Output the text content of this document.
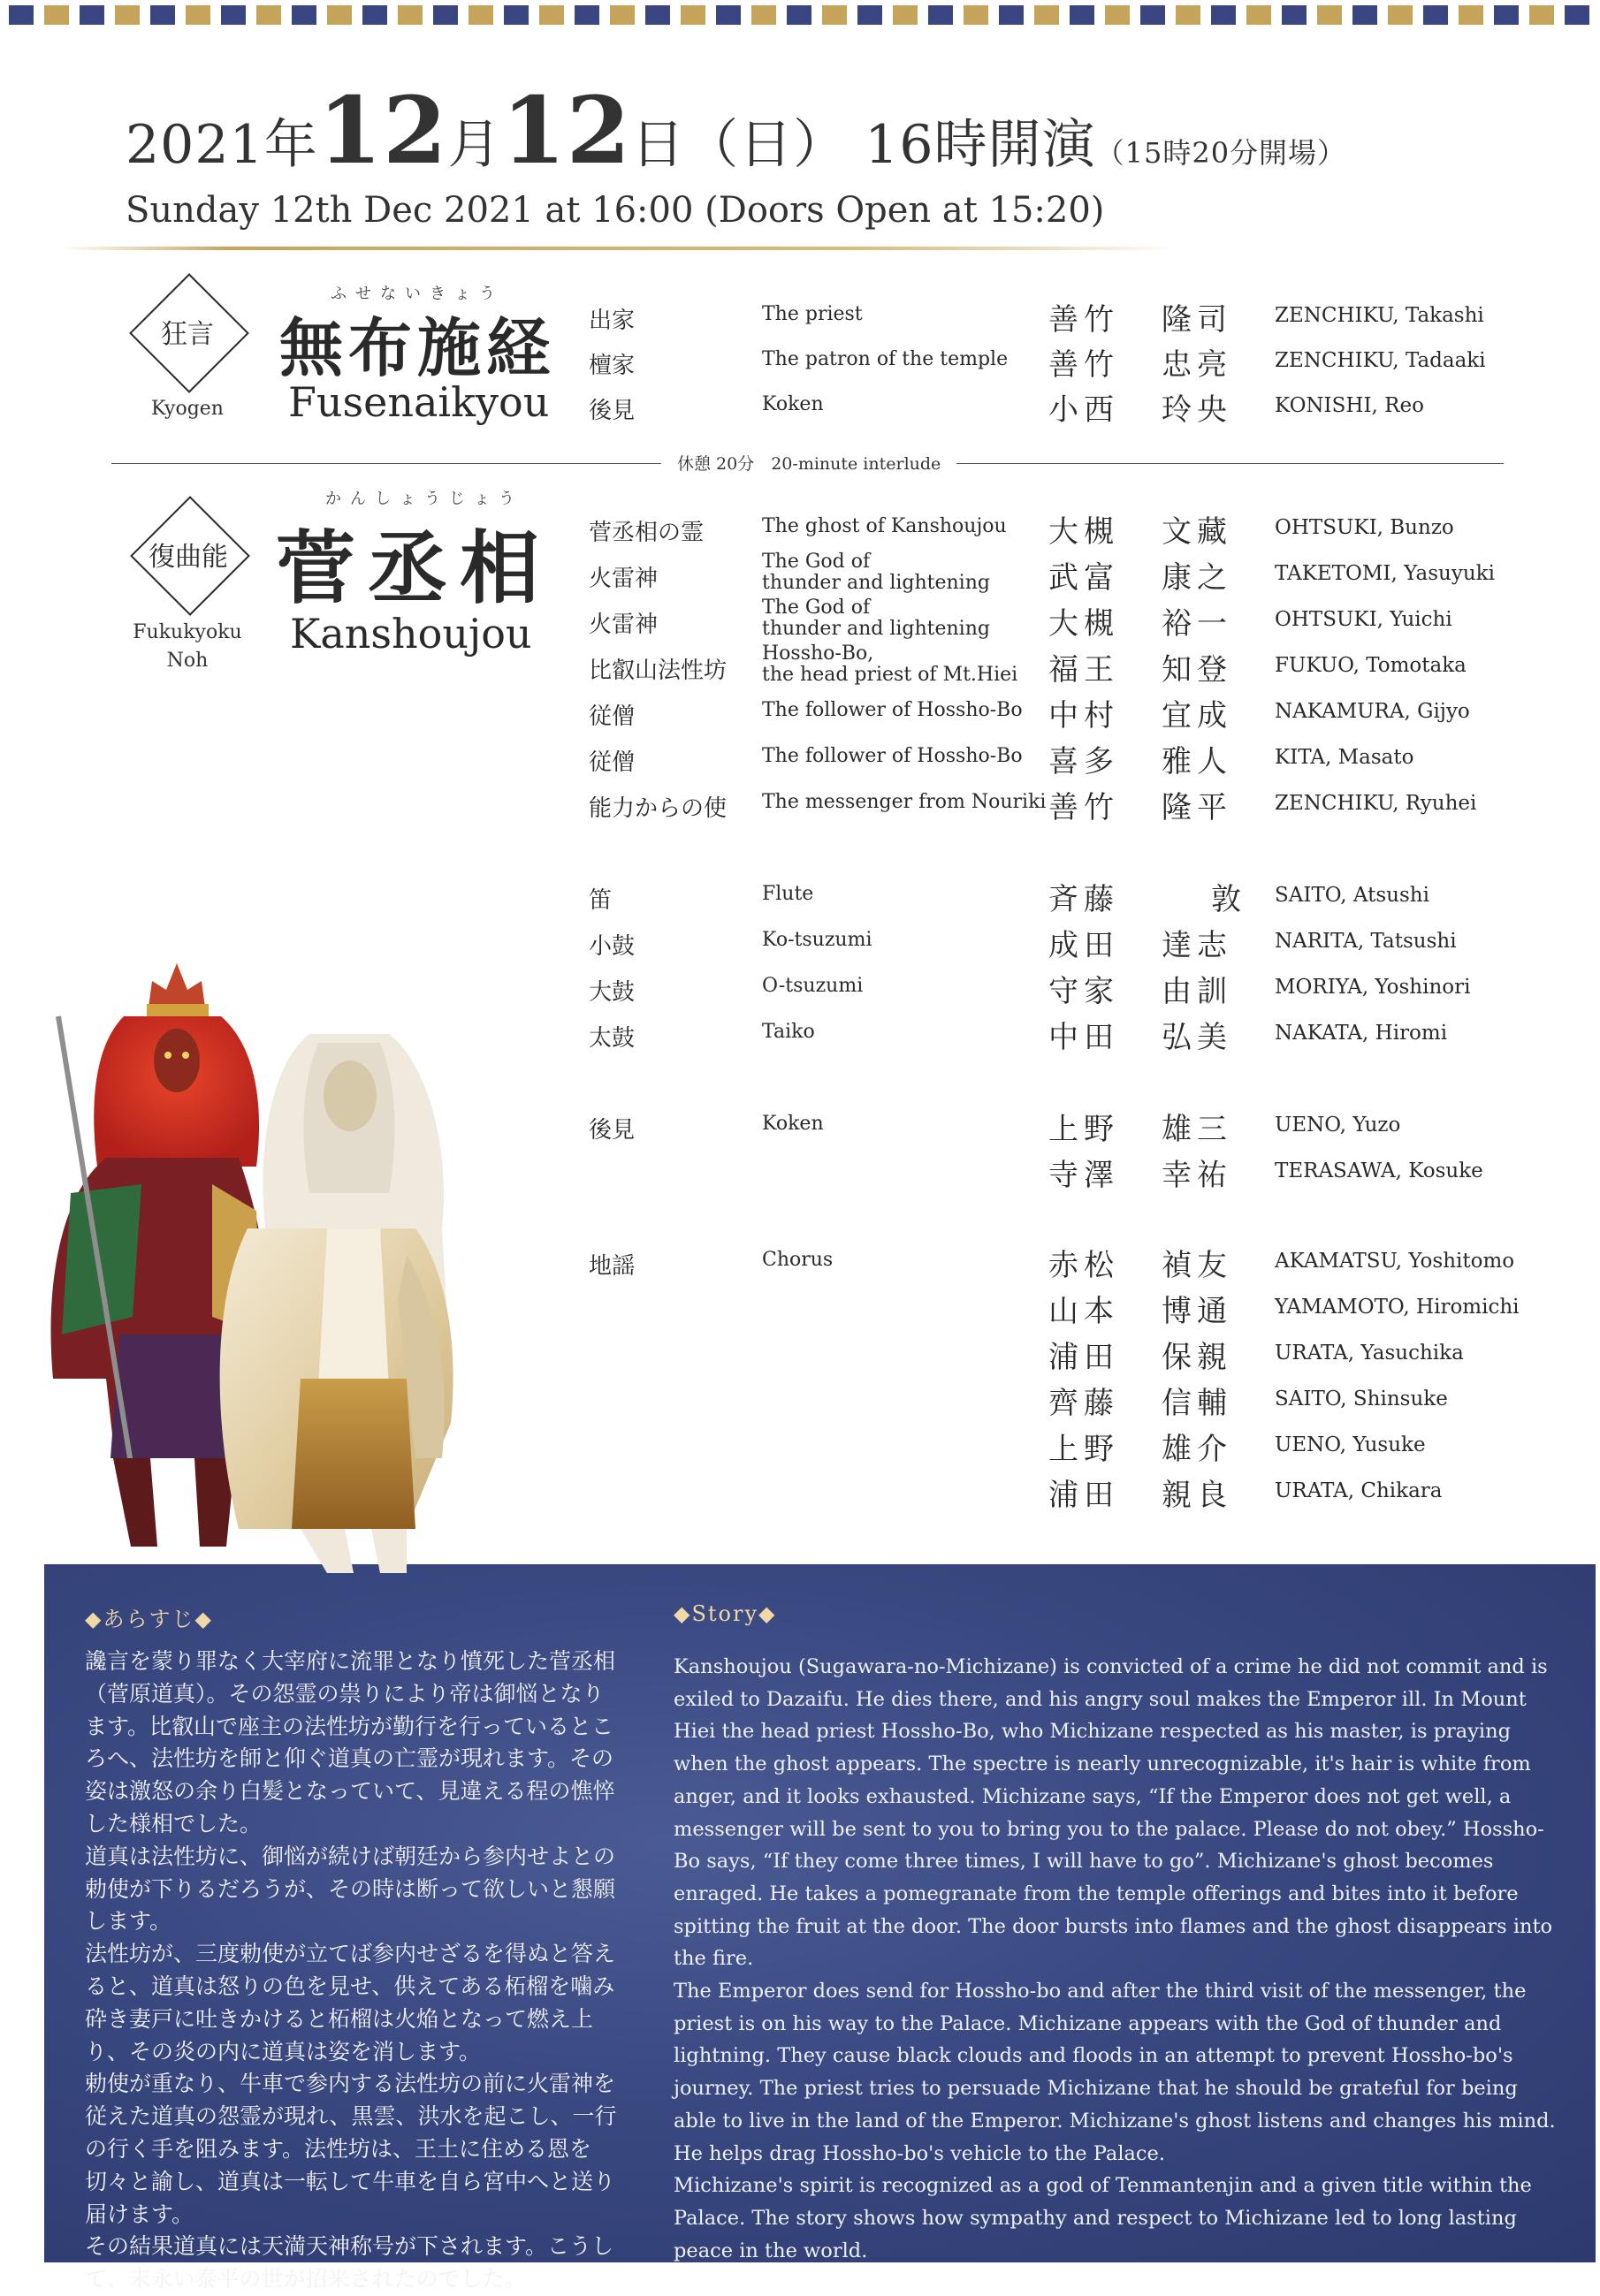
2021年12月12日（日） 16時開演（15時20分開場）
Sunday 12th Dec 2021 at 16:00 (Doors Open at 15:20)
狂言
Kyogen
ふせないきょう
無布施経
Fusenaikyou
出家	The priest	善竹 隆司 ZENCHIKU, Takashi
檀家	The patron of the temple 善竹 忠亮 ZENCHIKU, Tadaaki
後見	Koken	小西 玲央 KONISHI, Reo
休憩 20分　20-minute interlude
復曲能
Fukukyoku
Noh
かんしょうじょう
菅丞相
Kanshoujou
菅丞相の霊	The ghost of Kanshoujou 大槻 文藏 OHTSUKI, Bunzo
火雷神
The God of
thunder and lightening 武富 康之 TAKETOMI, Yasuyuki
火雷神
The God of
thunder and lightening 大槻 裕一 OHTSUKI, Yuichi
比叡山法性坊
Hossho-Bo,
the head priest of Mt.Hiei 福王 知登 FUKUO, Tomotaka
従僧	The follower of Hossho-Bo 中村 宜成 NAKAMURA, Gijyo
従僧	The follower of Hossho-Bo 喜多 雅人 KITA, Masato
能力からの使 The messenger from Nouriki 善竹 隆平 ZENCHIKU, Ryuhei
笛	Flute	斉藤	敦 SAITO, Atsushi
小鼓	Ko-tsuzumi	成田 達志 NARITA, Tatsushi
大鼓	O-tsuzumi	守家 由訓 MORIYA, Yoshinori
太鼓	Taiko	中田 弘美 NAKATA, Hiromi
後見	Koken	上野 雄三 UENO, Yuzo
寺澤 幸祐 TERASAWA, Kosuke
地謡	Chorus	赤松 禎友 AKAMATSU, Yoshitomo
山本 博通 YAMAMOTO, Hiromichi
浦田 保親 URATA, Yasuchika
齊藤 信輔 SAITO, Shinsuke
上野 雄介 UENO, Yusuke
浦田 親良 URATA, Chikara
◆あらすじ◆	◆Story◆

讒言を蒙り罪なく大宰府に流罪となり憤死した菅丞相（菅原道真）。その怨霊の祟りにより帝は御悩となります。比叡山で座主の法性坊が勤行を行っているところへ、法性坊を師と仰ぐ道真の亡霊が現れます。その姿は激怒の余り白髪となっていて、見違える程の憔悴した様相でした。

道真は法性坊に、御悩が続けば朝廷から参内せよとの勅使が下りるだろうが、その時は断って欲しいと懇願します。

法性坊が、三度勅使が立てば参内せざるを得ぬと答えると、道真は怒りの色を見せ、供えてある柘榴を噛み砕き妻戸に吐きかけると柘榴は火焔となって燃え上り、その炎の内に道真は姿を消します。

勅使が重なり、牛車で参内する法性坊の前に火雷神を従えた道真の怨霊が現れ、黒雲、洪水を起こし、一行の行く手を阻みます。法性坊は、王土に住める恩を切々と諭し、道真は一転して牛車を自ら宮中へと送り届けます。

その結果道真には天満天神称号が下されます。こうして、末永い泰平の世が招来されたのでした。

Kanshoujou (Sugawara-no-Michizane) is convicted of a crime he did not commit and is exiled to Dazaifu. He dies there, and his angry soul makes the Emperor ill. In Mount Hiei the head priest Hossho-Bo, who Michizane respected as his master, is praying when the ghost appears. The spectre is nearly unrecognizable, it's hair is white from anger, and it looks exhausted. Michizane says, “If the Emperor does not get well, a messenger will be sent to you to bring you to the palace. Please do not obey.” Hossho-Bo says, “If they come three times, I will have to go”. Michizane's ghost becomes enraged. He takes a pomegranate from the temple offerings and bites into it before spitting the fruit at the door. The door bursts into flames and the ghost disappears into the fire.

The Emperor does send for Hossho-bo and after the third visit of the messenger, the priest is on his way to the Palace. Michizane appears with the God of thunder and lightning. They cause black clouds and floods in an attempt to prevent Hossho-bo's journey. The priest tries to persuade Michizane that he should be grateful for being able to live in the land of the Emperor. Michizane's ghost listens and changes his mind. He helps drag Hossho-bo's vehicle to the Palace.

Michizane's spirit is recognized as a god of Tenmantenjin and a given title within the Palace. The story shows how sympathy and respect to Michizane led to long lasting peace in the world.
